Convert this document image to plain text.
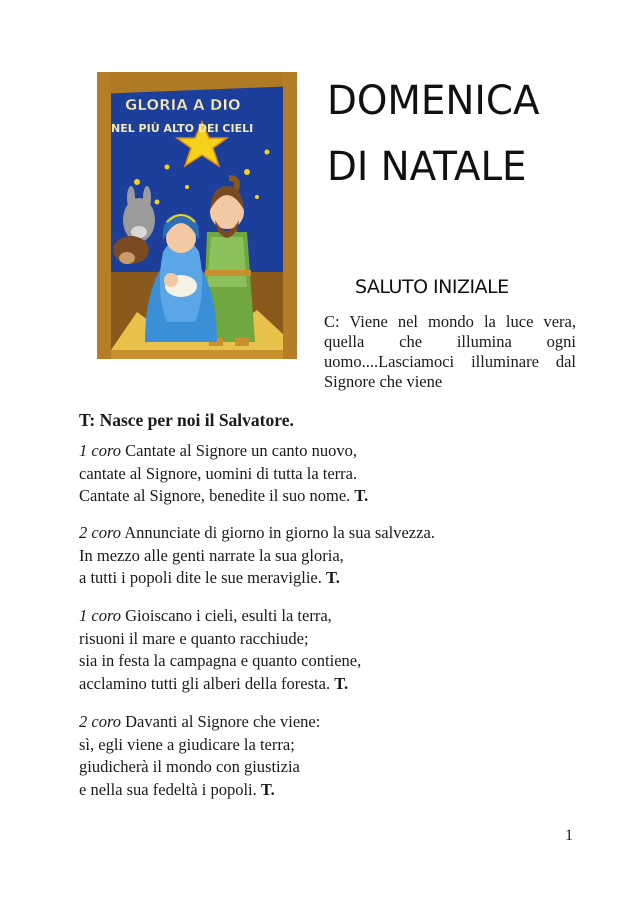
GLORIA A DIO
NEL PIÙ ALTO DEI CIELI
DOMENICA
DI NATALE
SALUTO INIZIALE
C: Viene nel mondo la luce vera, quella che illumina ogni uomo....Lasciamoci illuminare dal Signore che viene
T: Nasce per noi il Salvatore.
1 coro Cantate al Signore un canto nuovo,
cantate al Signore, uomini di tutta la terra.
Cantate al Signore, benedite il suo nome. T.
2 coro Annunciate di giorno in giorno la sua salvezza.
In mezzo alle genti narrate la sua gloria,
a tutti i popoli dite le sue meraviglie. T.
1 coro Gioiscano i cieli, esulti la terra,
risuoni il mare e quanto racchiude;
sia in festa la campagna e quanto contiene,
acclamino tutti gli alberi della foresta. T.
2 coro Davanti al Signore che viene:
sì, egli viene a giudicare la terra;
giudicherà il mondo con giustizia
e nella sua fedeltà i popoli. T.
1
